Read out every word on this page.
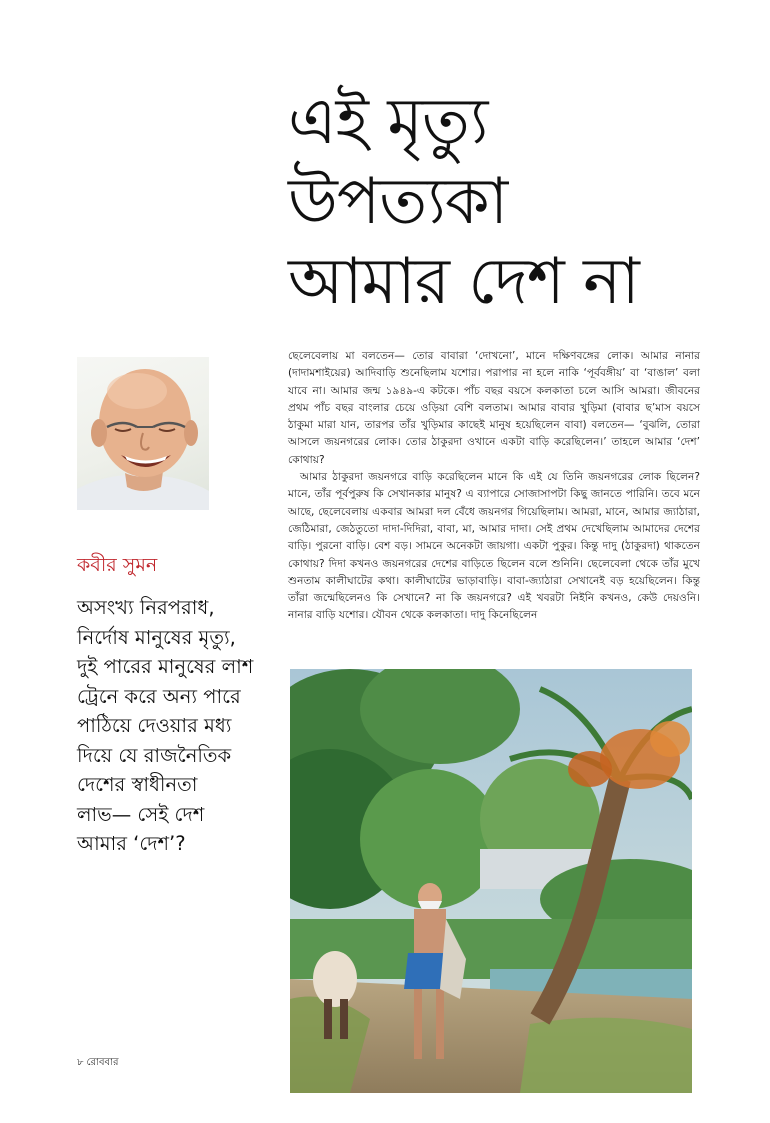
এই মৃত্যু
উপত্যকা
আমার দেশ না
কবীর সুমন
অসংখ্য নিরপরাধ,
নির্দোষ মানুষের মৃত্যু,
দুই পারের মানুষের লাশ
ট্রেনে করে অন্য পারে
পাঠিয়ে দেওয়ার মধ্য
দিয়ে যে রাজনৈতিক
দেশের স্বাধীনতা
লাভ— সেই দেশ
আমার ‘দেশ’?

ছেলেবেলায় মা বলতেন— তোর বাবারা ‘দোখনো’, মানে দক্ষিণবঙ্গের লোক। আমার নানার (দাদামশাইয়ের) আদিবাড়ি শুনেছিলাম যশোর। পরাপার না হলে নাকি ‘পূর্ববঙ্গীয়’ বা ‘বাঙাল’ বলা যাবে না। আমার জন্ম ১৯৪৯-এ কটকে। পাঁচ বছর বয়সে কলকাতা চলে আসি আমরা। জীবনের প্রথম পাঁচ বছর বাংলার চেয়ে ওড়িয়া বেশি বলতাম। আমার বাবার খুড়িমা (বাবার ছ’মাস বয়সে ঠাকুমা মারা যান, তারপর তাঁর খুড়িমার কাছেই মানুষ হয়েছিলেন বাবা) বলতেন— ‘বুঝলি, তোরা আসলে জয়নগরের লোক। তোর ঠাকুরদা ওখানে একটা বাড়ি করেছিলেন।’ তাহলে আমার ‘দেশ’ কোথায়?

আমার ঠাকুরদা জয়নগরে বাড়ি করেছিলেন মানে কি এই যে তিনি জয়নগরের লোক ছিলেন? মানে, তাঁর পূর্বপুরুষ কি সেখানকার মানুষ? এ ব্যাপারে সোজাসাপটা কিছু জানতে পারিনি। তবে মনে আছে, ছেলেবেলায় একবার আমরা দল বেঁধে জয়নগর গিয়েছিলাম। আমরা, মানে, আমার জ্যাঠারা, জেঠিমারা, জেঠতুতো দাদা-দিদিরা, বাবা, মা, আমার দাদা। সেই প্রথম দেখেছিলাম আমাদের দেশের বাড়ি। পুরনো বাড়ি। বেশ বড়। সামনে অনেকটা জায়গা। একটা পুকুর। কিন্তু দাদু (ঠাকুরদা) থাকতেন কোথায়? দিদা কখনও জয়নগরের দেশের বাড়িতে ছিলেন বলে শুনিনি। ছেলেবেলা থেকে তাঁর মুখে শুনতাম কালীঘাটের কথা। কালীঘাটের ভাড়াবাড়ি। বাবা-জ্যাঠারা সেখানেই বড় হয়েছিলেন। কিন্তু তাঁরা জন্মেছিলেনও কি সেখানে? না কি জয়নগরে? এই খবরটা নিইনি কখনও, কেউ দেয়ওনি। নানার বাড়ি যশোর। যৌবন থেকে কলকাতা। দাদু কিনেছিলেন

৮ রোববার
